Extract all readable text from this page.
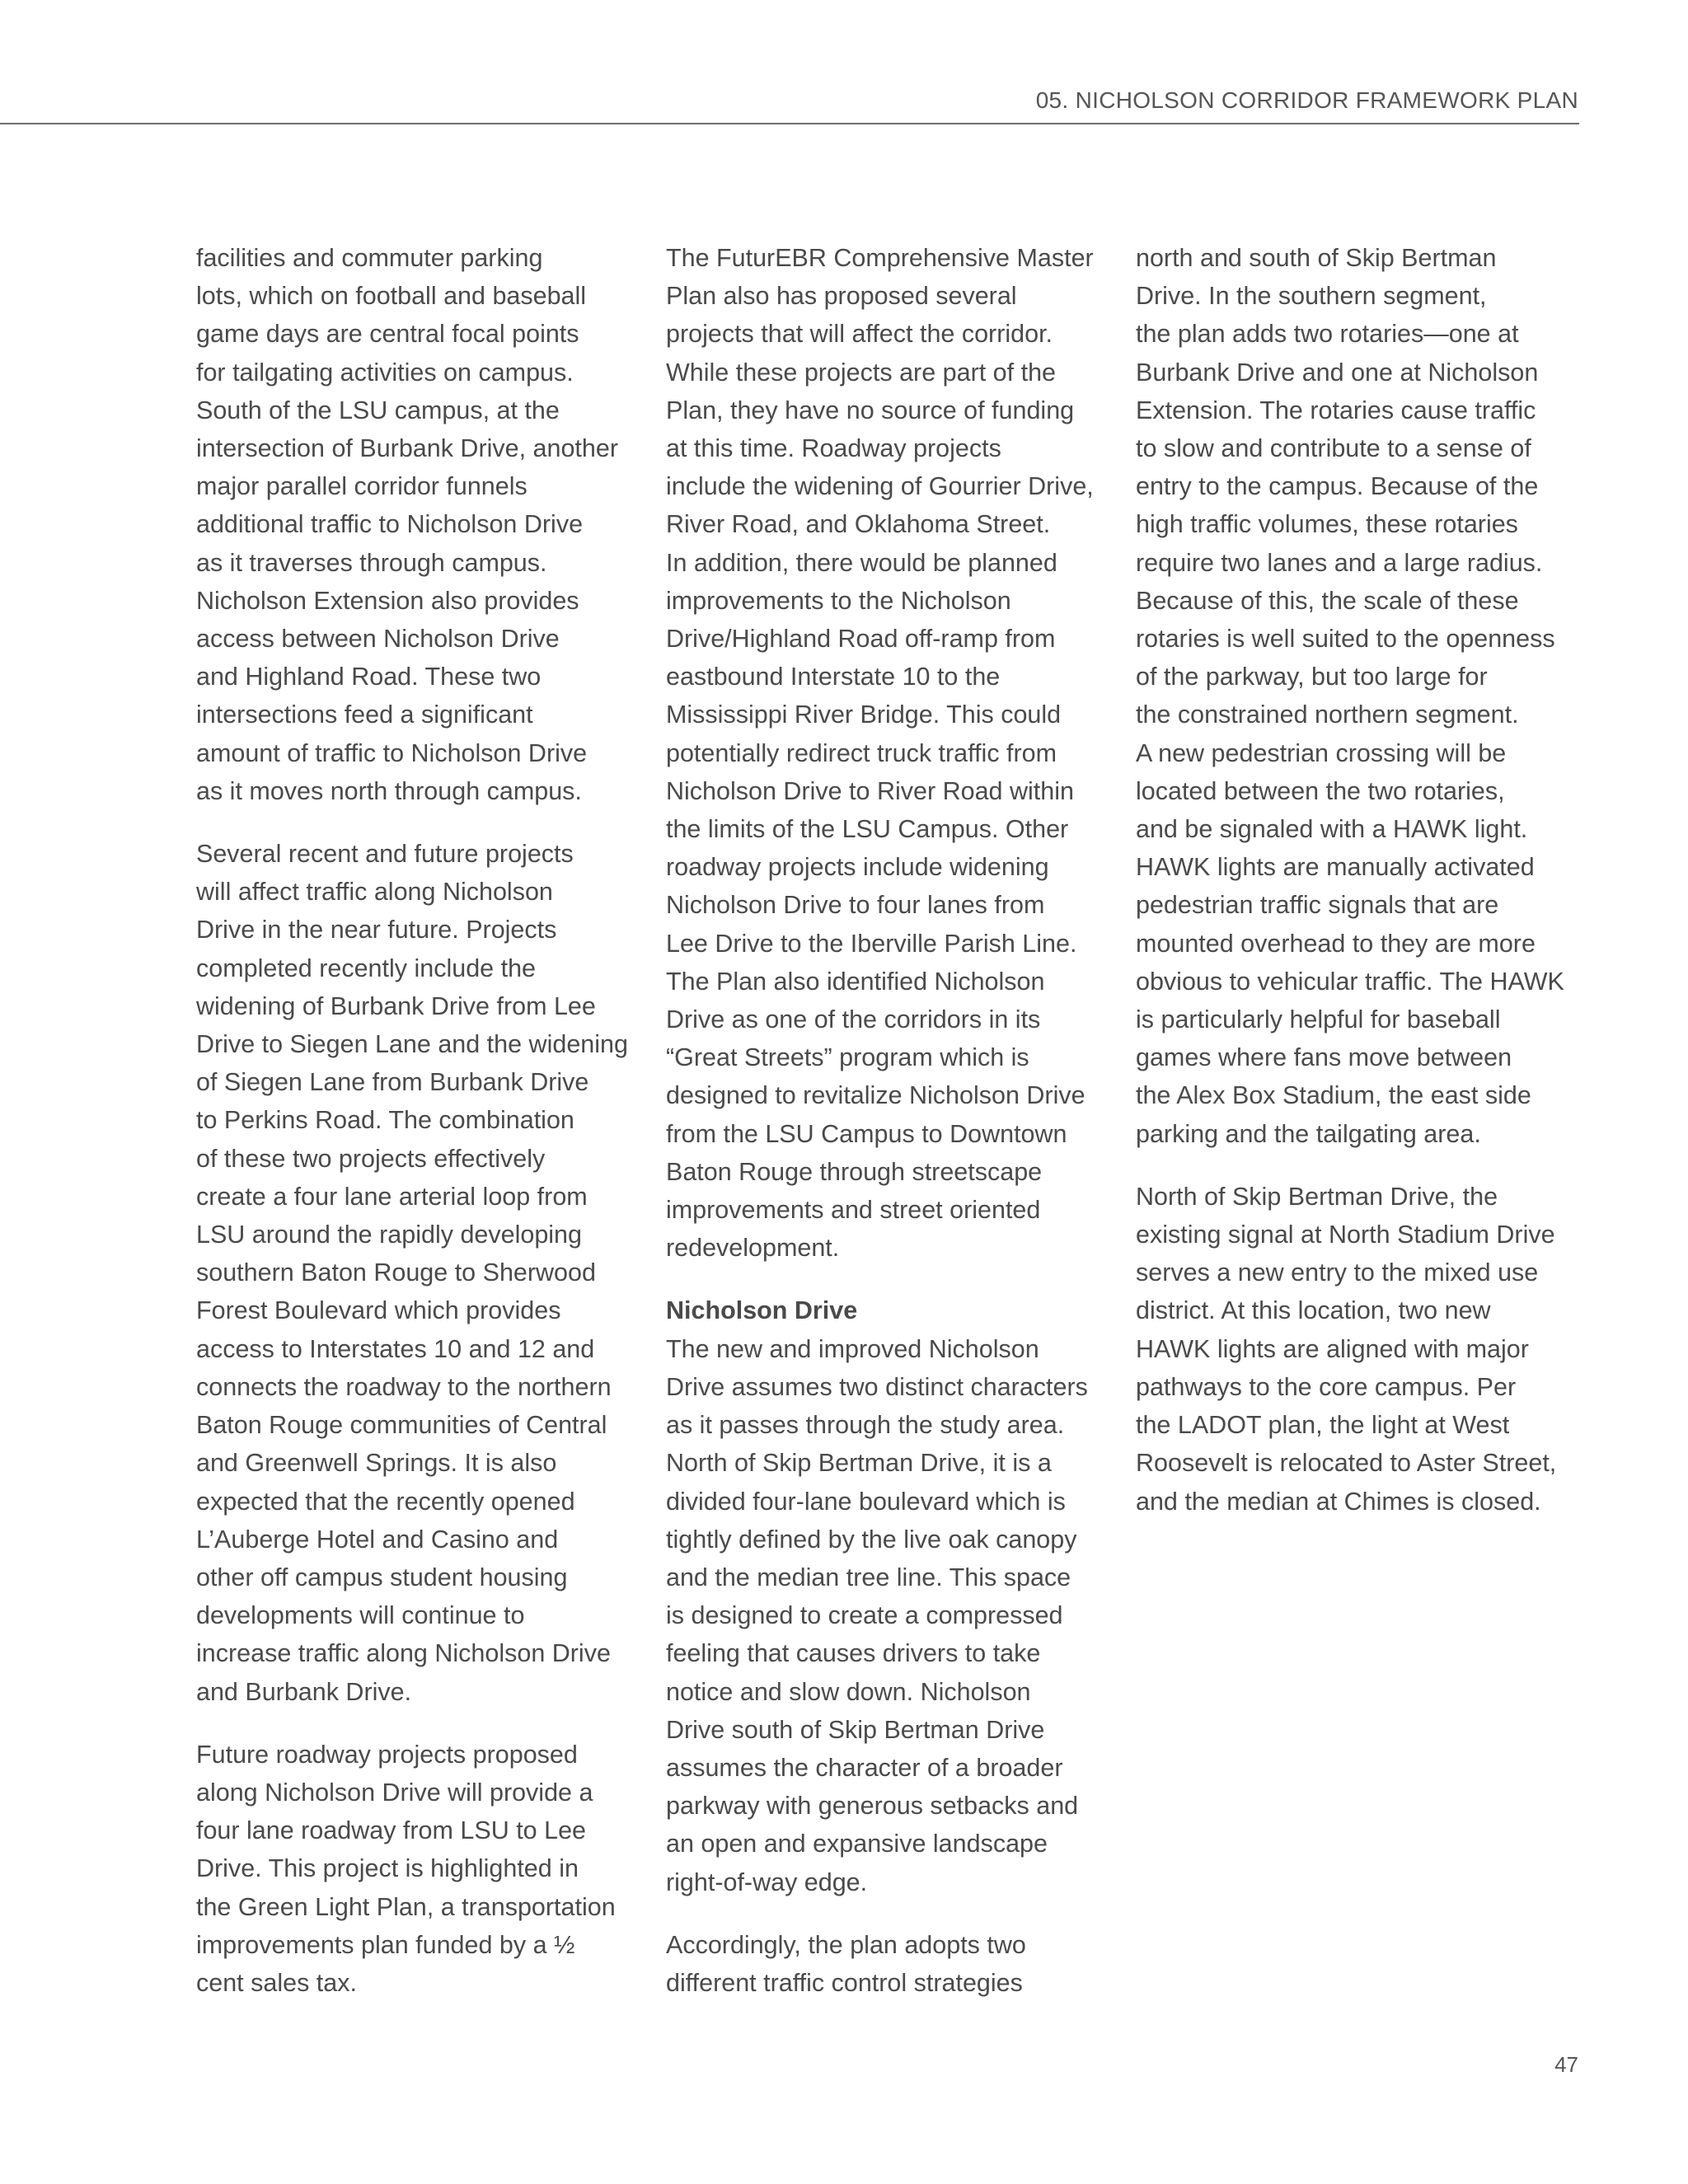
05. NICHOLSON CORRIDOR FRAMEWORK PLAN

facilities and commuter parking
lots, which on football and baseball
game days are central focal points
for tailgating activities on campus.
South of the LSU campus, at the
intersection of Burbank Drive, another
major parallel corridor funnels
additional traffic to Nicholson Drive
as it traverses through campus.
Nicholson Extension also provides
access between Nicholson Drive
and Highland Road. These two
intersections feed a significant
amount of traffic to Nicholson Drive
as it moves north through campus.

Several recent and future projects
will affect traffic along Nicholson
Drive in the near future. Projects
completed recently include the
widening of Burbank Drive from Lee
Drive to Siegen Lane and the widening
of Siegen Lane from Burbank Drive
to Perkins Road. The combination
of these two projects effectively
create a four lane arterial loop from
LSU around the rapidly developing
southern Baton Rouge to Sherwood
Forest Boulevard which provides
access to Interstates 10 and 12 and
connects the roadway to the northern
Baton Rouge communities of Central
and Greenwell Springs. It is also
expected that the recently opened
L’Auberge Hotel and Casino and
other off campus student housing
developments will continue to
increase traffic along Nicholson Drive
and Burbank Drive.

Future roadway projects proposed
along Nicholson Drive will provide a
four lane roadway from LSU to Lee
Drive. This project is highlighted in
the Green Light Plan, a transportation
improvements plan funded by a ½
cent sales tax.

The FuturEBR Comprehensive Master
Plan also has proposed several
projects that will affect the corridor.
While these projects are part of the
Plan, they have no source of funding
at this time. Roadway projects
include the widening of Gourrier Drive,
River Road, and Oklahoma Street.
In addition, there would be planned
improvements to the Nicholson
Drive/Highland Road off-ramp from
eastbound Interstate 10 to the
Mississippi River Bridge. This could
potentially redirect truck traffic from
Nicholson Drive to River Road within
the limits of the LSU Campus. Other
roadway projects include widening
Nicholson Drive to four lanes from
Lee Drive to the Iberville Parish Line.
The Plan also identified Nicholson
Drive as one of the corridors in its
“Great Streets” program which is
designed to revitalize Nicholson Drive
from the LSU Campus to Downtown
Baton Rouge through streetscape
improvements and street oriented
redevelopment.

Nicholson Drive
The new and improved Nicholson
Drive assumes two distinct characters
as it passes through the study area.
North of Skip Bertman Drive, it is a
divided four-lane boulevard which is
tightly defined by the live oak canopy
and the median tree line. This space
is designed to create a compressed
feeling that causes drivers to take
notice and slow down. Nicholson
Drive south of Skip Bertman Drive
assumes the character of a broader
parkway with generous setbacks and
an open and expansive landscape
right-of-way edge.

Accordingly, the plan adopts two
different traffic control strategies

north and south of Skip Bertman
Drive. In the southern segment,
the plan adds two rotaries—one at
Burbank Drive and one at Nicholson
Extension. The rotaries cause traffic
to slow and contribute to a sense of
entry to the campus. Because of the
high traffic volumes, these rotaries
require two lanes and a large radius.
Because of this, the scale of these
rotaries is well suited to the openness
of the parkway, but too large for
the constrained northern segment.
A new pedestrian crossing will be
located between the two rotaries,
and be signaled with a HAWK light.
HAWK lights are manually activated
pedestrian traffic signals that are
mounted overhead to they are more
obvious to vehicular traffic. The HAWK
is particularly helpful for baseball
games where fans move between
the Alex Box Stadium, the east side
parking and the tailgating area.

North of Skip Bertman Drive, the
existing signal at North Stadium Drive
serves a new entry to the mixed use
district. At this location, two new
HAWK lights are aligned with major
pathways to the core campus. Per
the LADOT plan, the light at West
Roosevelt is relocated to Aster Street,
and the median at Chimes is closed.

47
